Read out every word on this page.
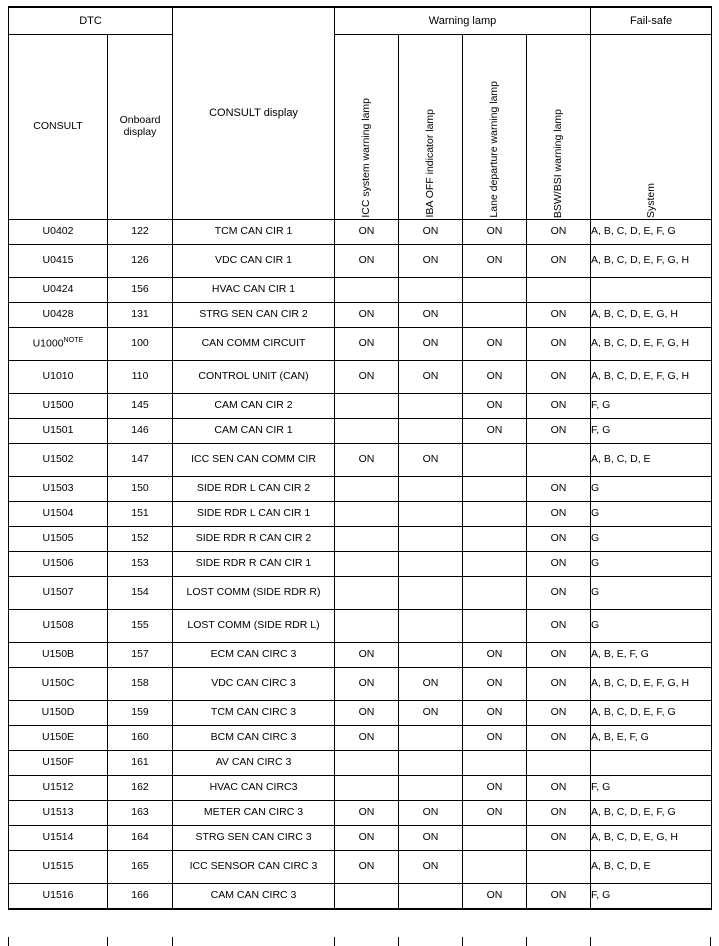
DTC		CONSULT display	Warning lamp				Fail-safe
CONSULT	Onboard display		ICC system warning lamp	IBA OFF indicator lamp	Lane departure warning lamp	BSW/BSI warning lamp	System

U0402	122	TCM CAN CIR 1	ON	ON	ON	ON	A, B, C, D, E, F, G
U0415	126	VDC CAN CIR 1	ON	ON	ON	ON	A, B, C, D, E, F, G, H
U0424	156	HVAC CAN CIR 1					
U0428	131	STRG SEN CAN CIR 2	ON	ON		ON	A, B, C, D, E, G, H
$U1000^{NOTE}$	100	CAN COMM CIRCUIT	ON	ON	ON	ON	A, B, C, D, E, F, G, H
U1010	110	CONTROL UNIT (CAN)	ON	ON	ON	ON	A, B, C, D, E, F, G, H
U1500	145	CAM CAN CIR 2			ON	ON	F, G
U1501	146	CAM CAN CIR 1			ON	ON	F, G
U1502	147	ICC SEN CAN COMM CIR	ON	ON			A, B, C, D, E
U1503	150	SIDE RDR L CAN CIR 2				ON	G
U1504	151	SIDE RDR L CAN CIR 1				ON	G
U1505	152	SIDE RDR R CAN CIR 2				ON	G
U1506	153	SIDE RDR R CAN CIR 1				ON	G
U1507	154	LOST COMM (SIDE RDR R)				ON	G
U1508	155	LOST COMM (SIDE RDR L)				ON	G
U150B	157	ECM CAN CIRC 3	ON		ON	ON	A, B, E, F, G
U150C	158	VDC CAN CIRC 3	ON	ON	ON	ON	A, B, C, D, E, F, G, H
U150D	159	TCM CAN CIRC 3	ON	ON	ON	ON	A, B, C, D, E, F, G
U150E	160	BCM CAN CIRC 3	ON		ON	ON	A, B, E, F, G
U150F	161	AV CAN CIRC 3					
U1512	162	HVAC CAN CIRC3			ON	ON	F, G
U1513	163	METER CAN CIRC 3	ON	ON	ON	ON	A, B, C, D, E, F, G
U1514	164	STRG SEN CAN CIRC 3	ON	ON		ON	A, B, C, D, E, G, H
U1515	165	ICC SENSOR CAN CIRC 3	ON	ON			A, B, C, D, E
U1516	166	CAM CAN CIRC 3			ON	ON	F, G
